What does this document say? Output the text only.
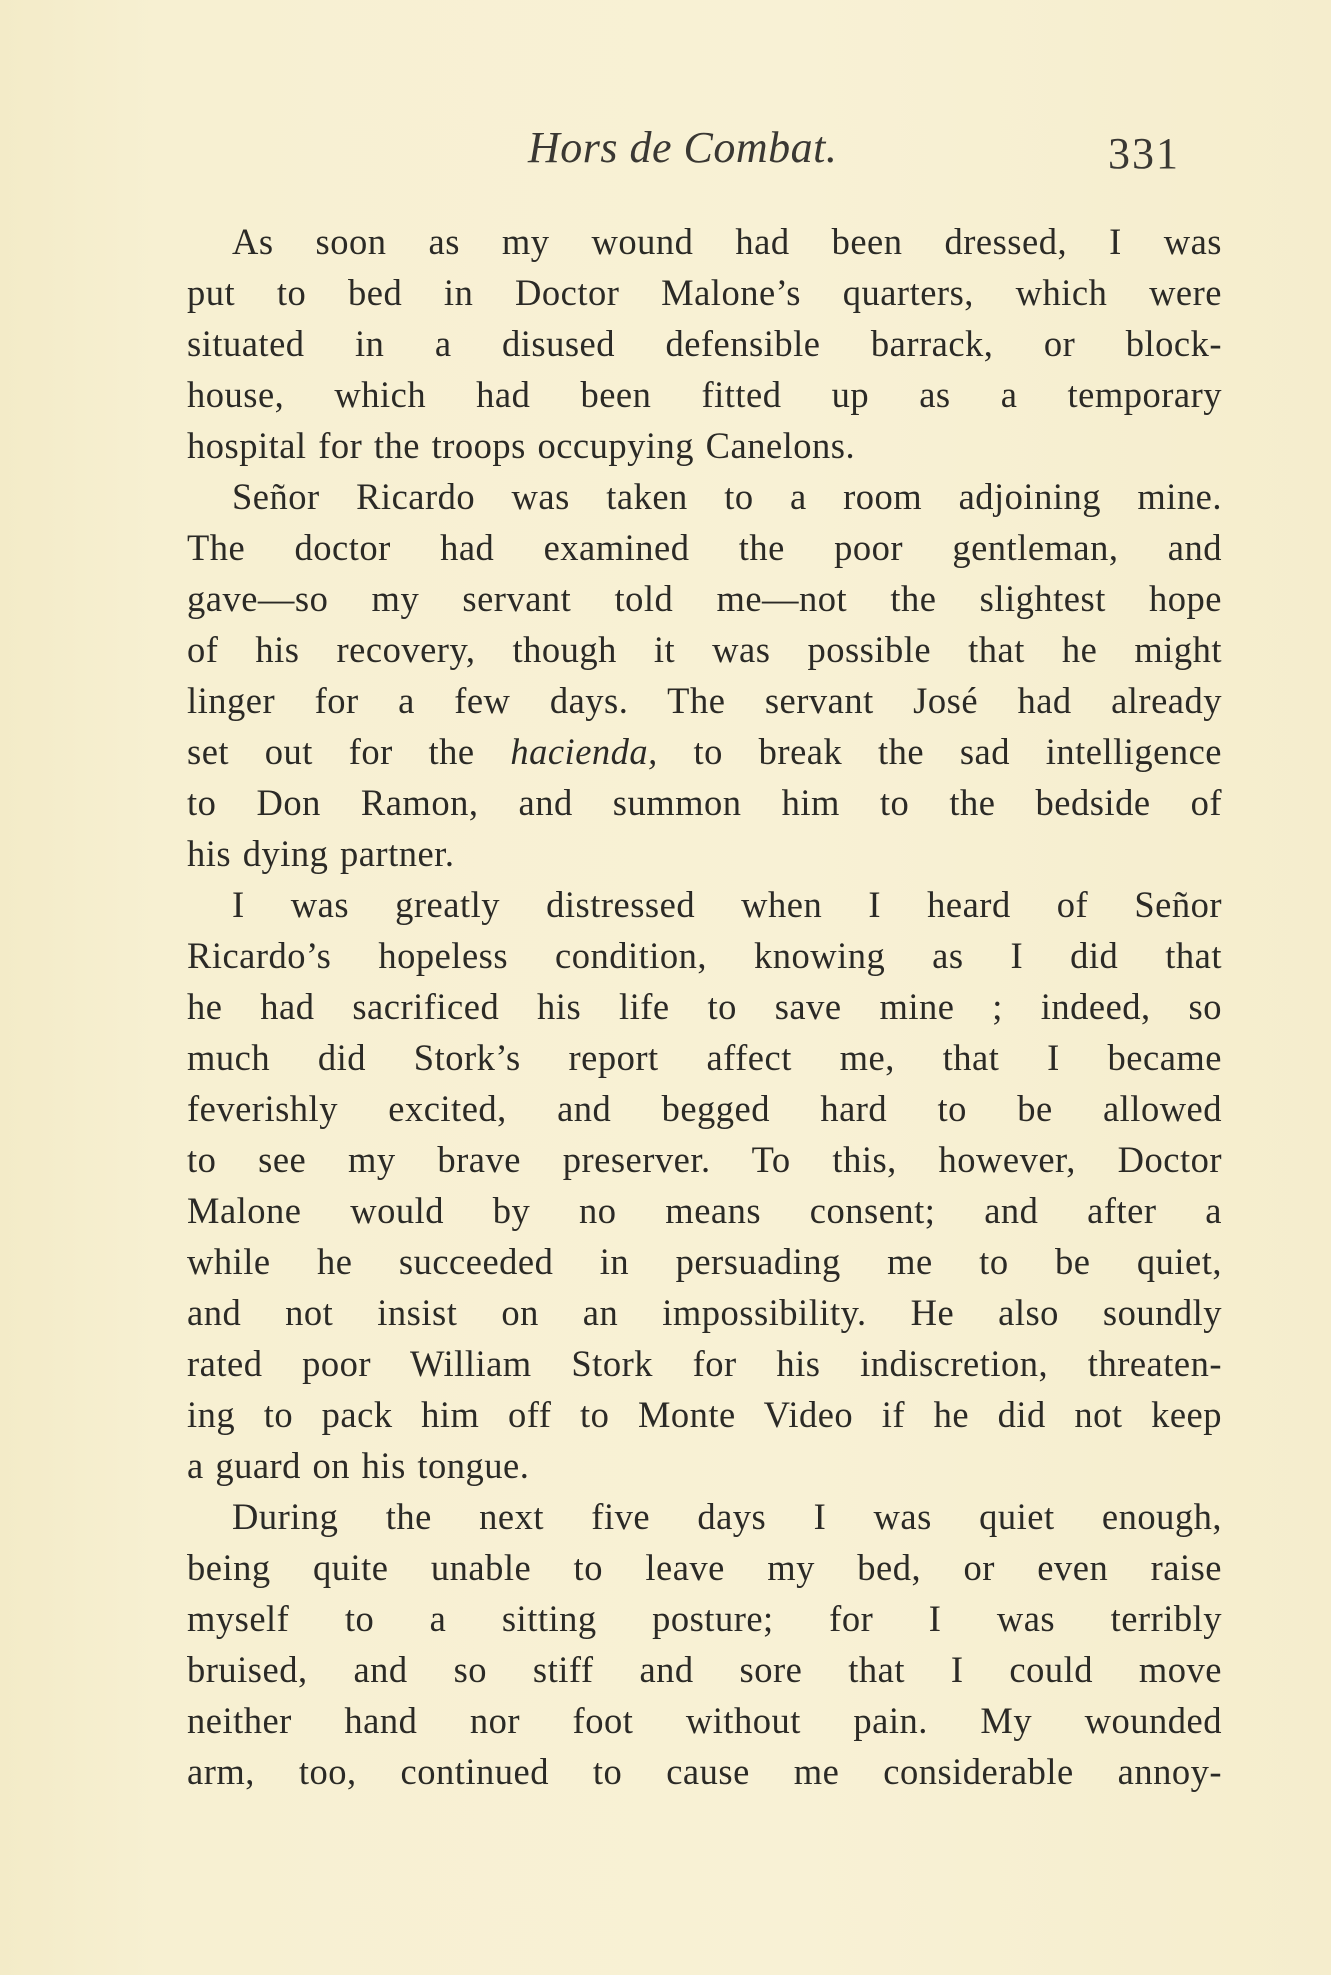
Hors de Combat.	331
As soon as my wound had been dressed, I was
put to bed in Doctor Malone’s quarters, which were
situated in a disused defensible barrack, or block-
house, which had been fitted up as a temporary
hospital for the troops occupying Canelons.
Señor Ricardo was taken to a room adjoining mine.
The doctor had examined the poor gentleman, and
gave—so my servant told me—not the slightest hope
of his recovery, though it was possible that he might
linger for a few days. The servant José had already
set out for the hacienda, to break the sad intelligence
to Don Ramon, and summon him to the bedside of
his dying partner.
I was greatly distressed when I heard of Señor
Ricardo’s hopeless condition, knowing as I did that
he had sacrificed his life to save mine ; indeed, so
much did Stork’s report affect me, that I became
feverishly excited, and begged hard to be allowed
to see my brave preserver. To this, however, Doctor
Malone would by no means consent; and after a
while he succeeded in persuading me to be quiet,
and not insist on an impossibility. He also soundly
rated poor William Stork for his indiscretion, threaten-
ing to pack him off to Monte Video if he did not keep
a guard on his tongue.
During the next five days I was quiet enough,
being quite unable to leave my bed, or even raise
myself to a sitting posture; for I was terribly
bruised, and so stiff and sore that I could move
neither hand nor foot without pain. My wounded
arm, too, continued to cause me considerable annoy-
